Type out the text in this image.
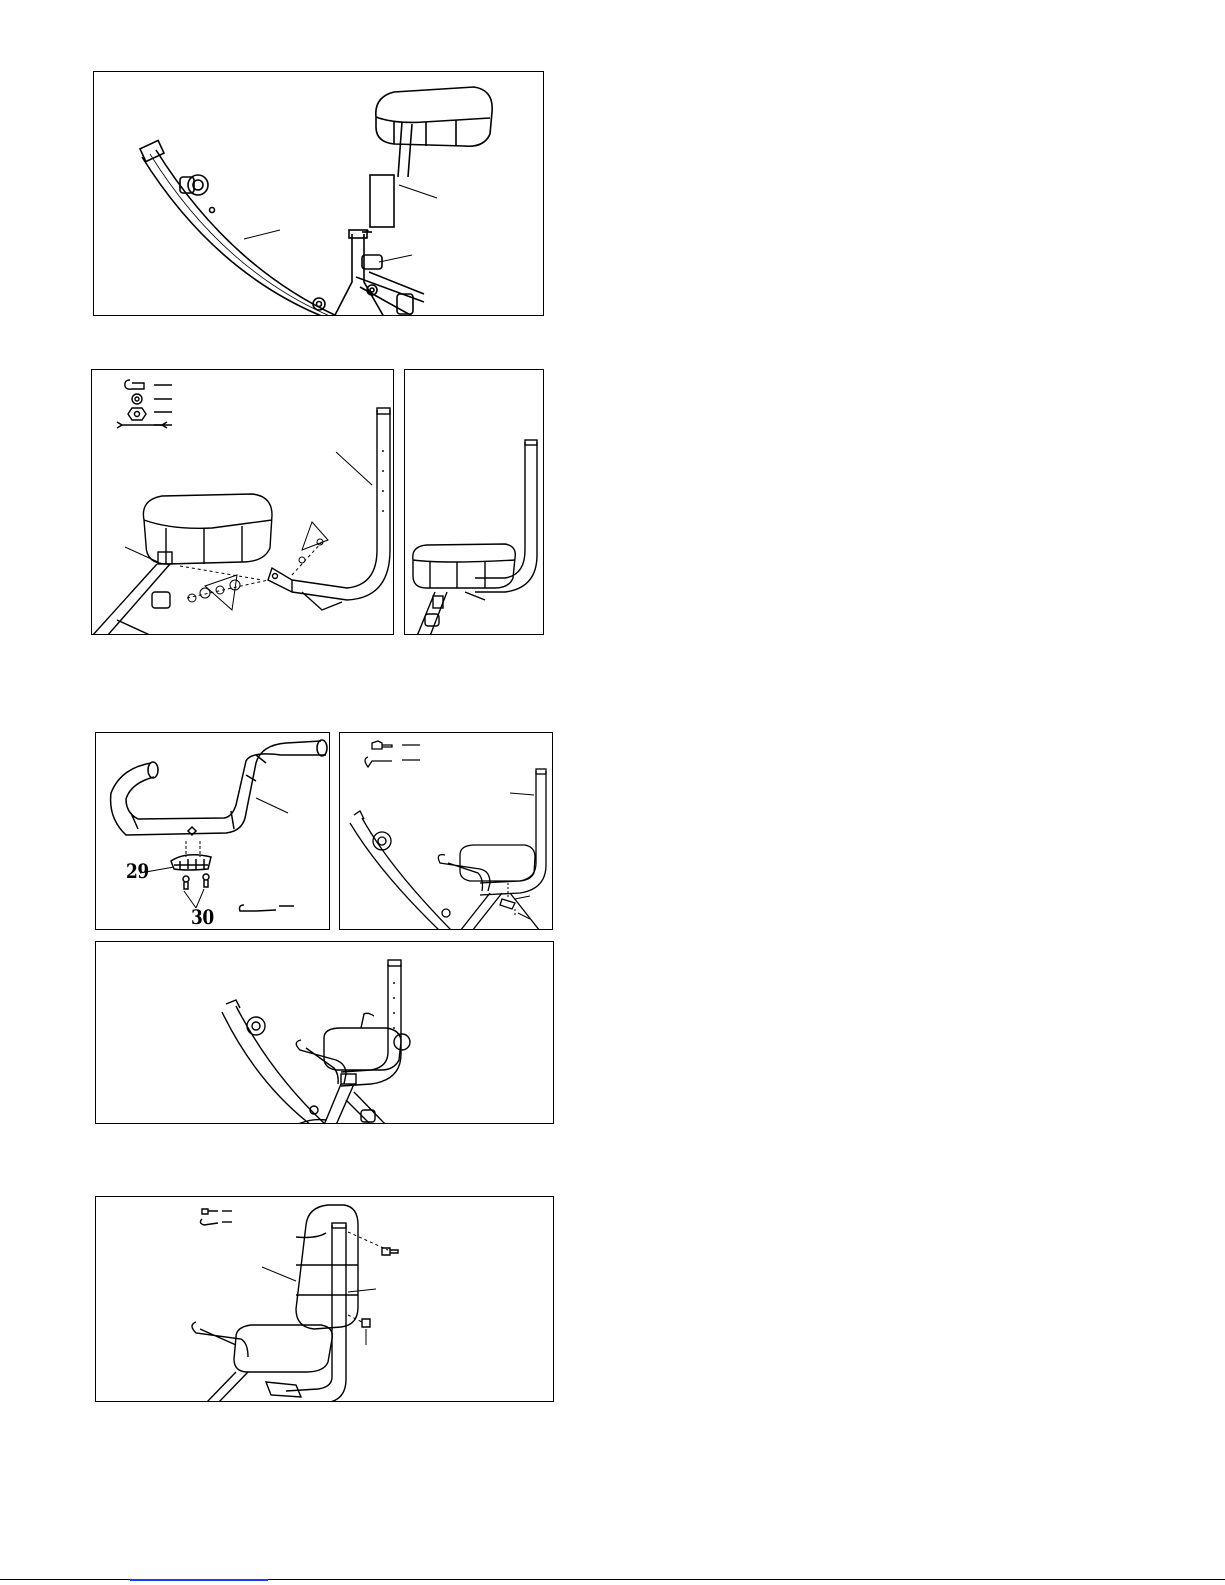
29
30
